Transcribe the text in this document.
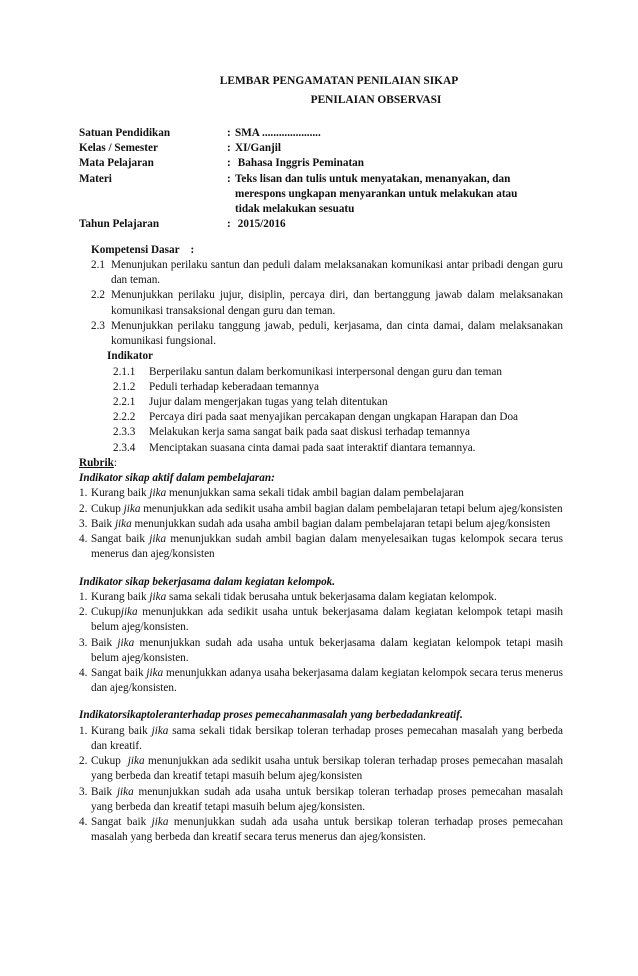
LEMBAR PENGAMATAN PENILAIAN SIKAP
PENILAIAN OBSERVASI
Satuan Pendidikan	: SMA .....................
Kelas / Semester	: XI/Ganjil
Mata Pelajaran	: Bahasa Inggris Peminatan
Materi	: Teks lisan dan tulis untuk menyatakan, menanyakan, dan merespons ungkapan menyarankan untuk melakukan atau tidak melakukan sesuatu
Tahun Pelajaran	: 2015/2016
Kompetensi Dasar    :
2.1 Menunjukan perilaku santun dan peduli dalam melaksanakan komunikasi antar pribadi dengan guru dan teman.
2.2 Menunjukkan perilaku jujur, disiplin, percaya diri, dan bertanggung jawab dalam melaksanakan komunikasi transaksional dengan guru dan teman.
2.3 Menunjukkan perilaku tanggung jawab, peduli, kerjasama, dan cinta damai, dalam melaksanakan komunikasi fungsional.
Indikator
2.1.1	Berperilaku santun dalam berkomunikasi interpersonal dengan guru dan teman
2.1.2	Peduli terhadap keberadaan temannya
2.2.1	Jujur dalam mengerjakan tugas yang telah ditentukan
2.2.2	Percaya diri pada saat menyajikan percakapan dengan ungkapan Harapan dan Doa
2.3.3	Melakukan kerja sama sangat baik pada saat diskusi terhadap temannya
2.3.4	Menciptakan suasana cinta damai pada saat interaktif diantara temannya.
Rubrik:
Indikator sikap aktif dalam pembelajaran:
1. Kurang baik jika menunjukkan sama sekali tidak ambil bagian dalam pembelajaran
2. Cukup jika menunjukkan ada sedikit usaha ambil bagian dalam pembelajaran tetapi belum ajeg/konsisten
3. Baik jika menunjukkan sudah ada usaha ambil bagian dalam pembelajaran tetapi belum ajeg/konsisten
4. Sangat baik jika menunjukkan sudah ambil bagian dalam menyelesaikan tugas kelompok secara terus menerus dan ajeg/konsisten
Indikator sikap bekerjasama dalam kegiatan kelompok.
1. Kurang baik jika sama sekali tidak berusaha untuk bekerjasama dalam kegiatan kelompok.
2. Cukupjika menunjukkan ada sedikit usaha untuk bekerjasama dalam kegiatan kelompok tetapi masih belum ajeg/konsisten.
3. Baik jika menunjukkan sudah ada usaha untuk bekerjasama dalam kegiatan kelompok tetapi masih belum ajeg/konsisten.
4. Sangat baik jika menunjukkan adanya usaha bekerjasama dalam kegiatan kelompok secara terus menerus dan ajeg/konsisten.
Indikatorsikaptoleranterhadap proses pemecahanmasalah yang berbedadankreatif.
1. Kurang baik jika sama sekali tidak bersikap toleran terhadap proses pemecahan masalah yang berbeda dan kreatif.
2. Cukup  jika menunjukkan ada sedikit usaha untuk bersikap toleran terhadap proses pemecahan masalah yang berbeda dan kreatif tetapi masuih belum ajeg/konsisten
3. Baik jika menunjukkan sudah ada usaha untuk bersikap toleran terhadap proses pemecahan masalah yang berbeda dan kreatif tetapi masuih belum ajeg/konsisten.
4. Sangat baik jika menunjukkan sudah ada usaha untuk bersikap toleran terhadap proses pemecahan masalah yang berbeda dan kreatif secara terus menerus dan ajeg/konsisten.
